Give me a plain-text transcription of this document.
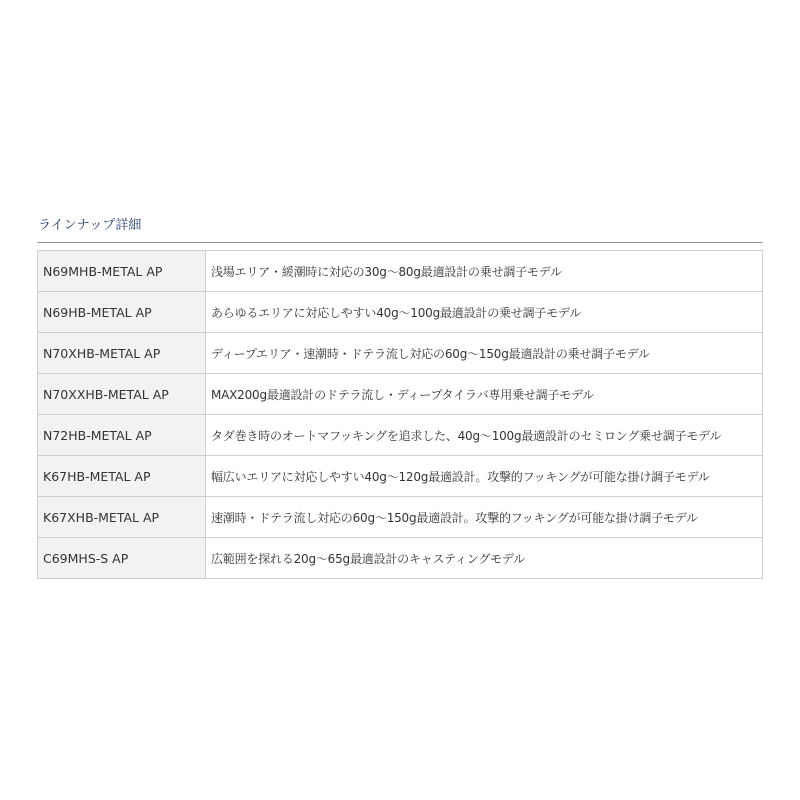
ラインナップ詳細
N69MHB-METAL AP	浅場エリア・緩潮時に対応の30g〜80g最適設計の乗せ調子モデル
N69HB-METAL AP	あらゆるエリアに対応しやすい40g〜100g最適設計の乗せ調子モデル
N70XHB-METAL AP	ディープエリア・速潮時・ドテラ流し対応の60g〜150g最適設計の乗せ調子モデル
N70XXHB-METAL AP	MAX200g最適設計のドテラ流し・ディープタイラバ専用乗せ調子モデル
N72HB-METAL AP	タダ巻き時のオートマフッキングを追求した、40g〜100g最適設計のセミロング乗せ調子モデル
K67HB-METAL AP	幅広いエリアに対応しやすい40g〜120g最適設計。攻撃的フッキングが可能な掛け調子モデル
K67XHB-METAL AP	速潮時・ドテラ流し対応の60g〜150g最適設計。攻撃的フッキングが可能な掛け調子モデル
C69MHS-S AP	広範囲を探れる20g〜65g最適設計のキャスティングモデル
